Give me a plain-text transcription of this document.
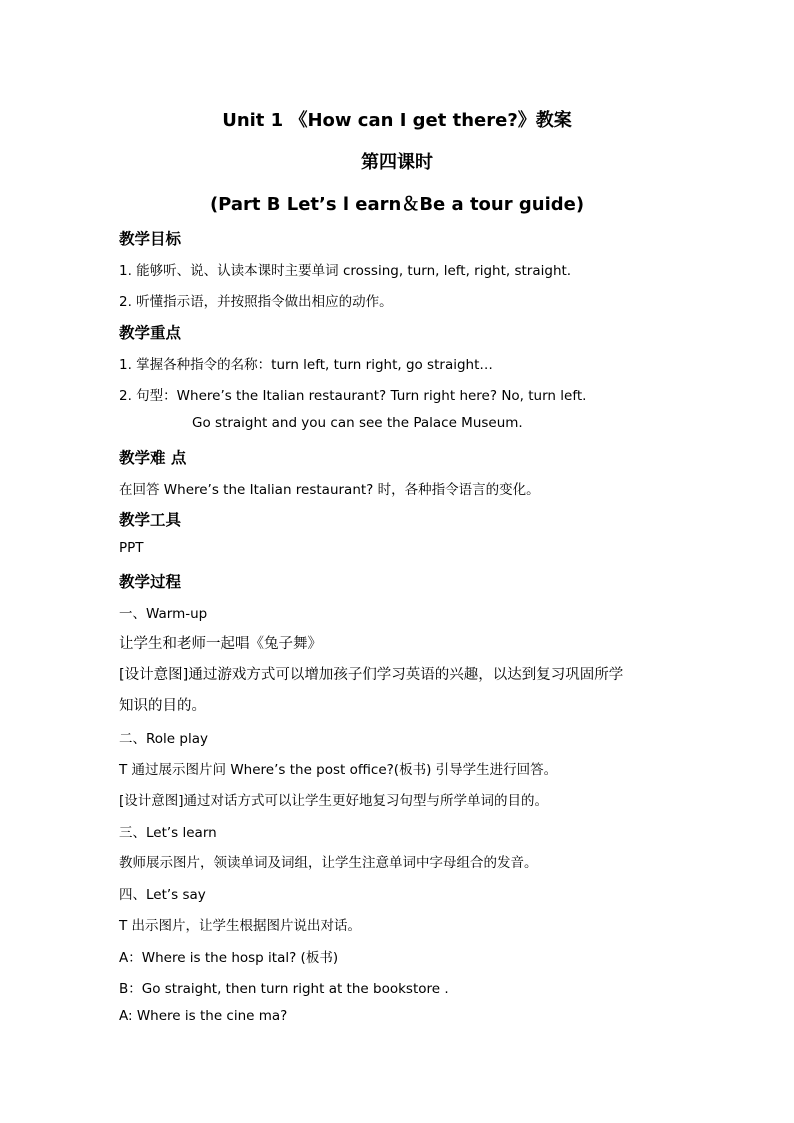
Unit 1 《How can I get there?》教案
第四课时
(Part B Let’s l earn＆Be a tour guide)
教学目标
1. 能够听、说、认读本课时主要单词 crossing, turn, left, right, straight.
2. 听懂指示语，并按照指令做出相应的动作。
教学重点
1. 掌握各种指令的名称：turn left, turn right, go straight…
2. 句型：Where’s the Italian restaurant? Turn right here? No, turn left.
Go straight and you can see the Palace Museum.
教学难 点
在回答 Where’s the Italian restaurant? 时，各种指令语言的变化。
教学工具
PPT
教学过程
一、Warm-up
让学生和老师一起唱《兔子舞》
[设计意图]通过游戏方式可以增加孩子们学习英语的兴趣，以达到复习巩固所学
知识的目的。
二、Role play
T 通过展示图片问 Where’s the post office?(板书) 引导学生进行回答。
[设计意图]通过对话方式可以让学生更好地复习句型与所学单词的目的。
三、Let’s learn
教师展示图片，领读单词及词组，让学生注意单词中字母组合的发音。
四、Let’s say
T 出示图片，让学生根据图片说出对话。
A：Where is the hosp ital? (板书)
B：Go straight, then turn right at the bookstore .
A: Where is the cine ma?
